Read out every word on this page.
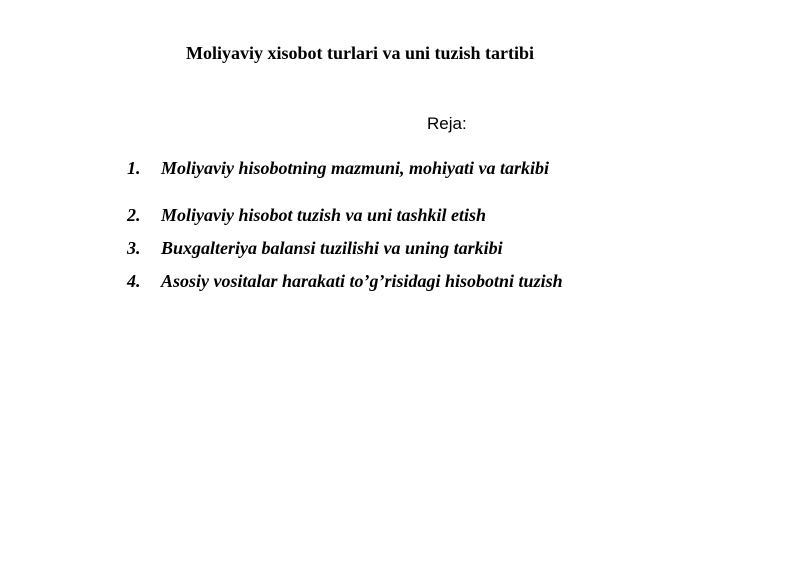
Moliyaviy xisobot turlari va uni tuzish tartibi
Reja:
1.	Moliyaviy hisobotning mazmuni, mohiyati va tarkibi
2.	Moliyaviy hisobot tuzish va uni tashkil etish
3.	Buxgalteriya balansi tuzilishi va uning tarkibi
4.	Asosiy vositalar harakati to’g’risidagi hisobotni tuzish
